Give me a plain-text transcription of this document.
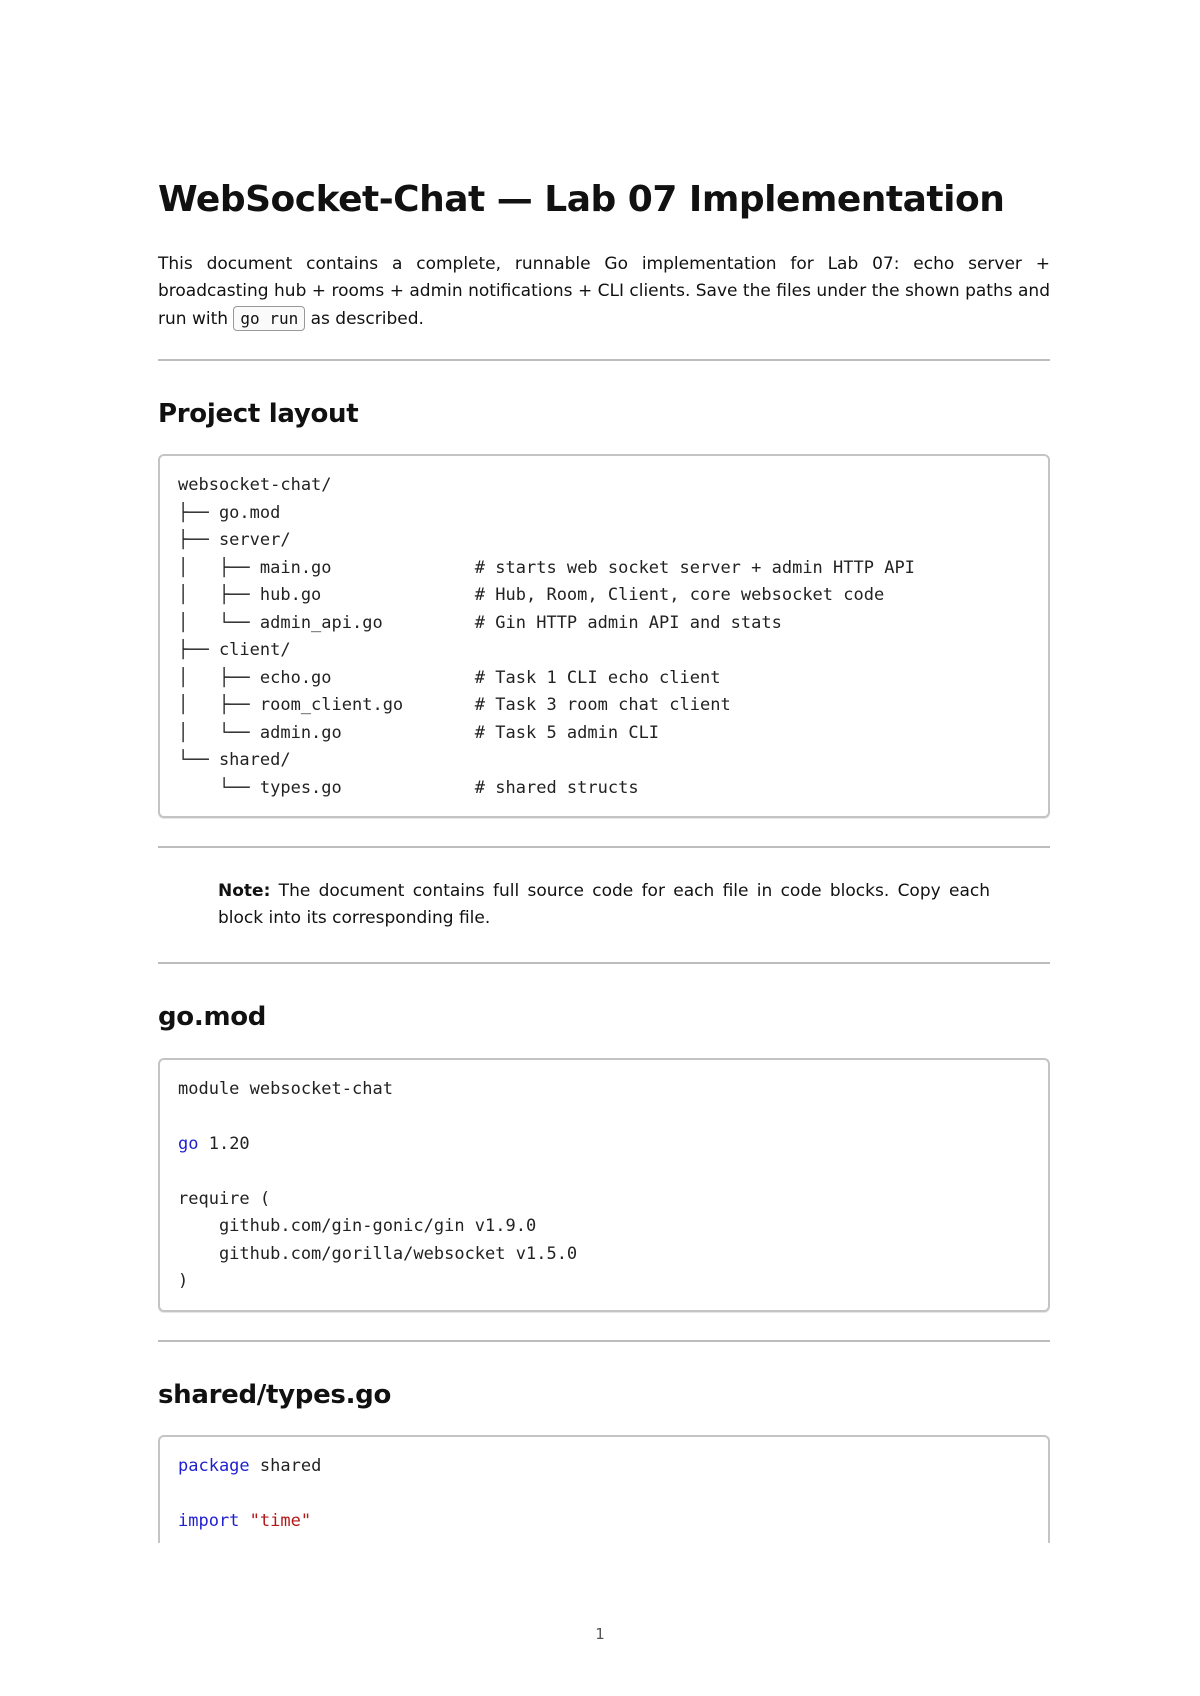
WebSocket-Chat — Lab 07 Implementation

This document contains a complete, runnable Go implementation for Lab 07: echo server + broadcasting hub + rooms + admin notifications + CLI clients. Save the files under the shown paths and run with go run as described.

Project layout
websocket-chat/
├── go.mod
├── server/
│   ├── main.go              # starts web socket server + admin HTTP API
│   ├── hub.go               # Hub, Room, Client, core websocket code
│   └── admin_api.go         # Gin HTTP admin API and stats
├── client/
│   ├── echo.go              # Task 1 CLI echo client
│   ├── room_client.go       # Task 3 room chat client
│   └── admin.go             # Task 5 admin CLI
└── shared/
└── types.go             # shared structs
Note: The document contains full source code for each file in code blocks. Copy each block into its corresponding file.
go.mod
module websocket-chat
go 1.20
require (
github.com/gin-gonic/gin v1.9.0
github.com/gorilla/websocket v1.5.0
)
shared/types.go
package shared
import "time"
1
